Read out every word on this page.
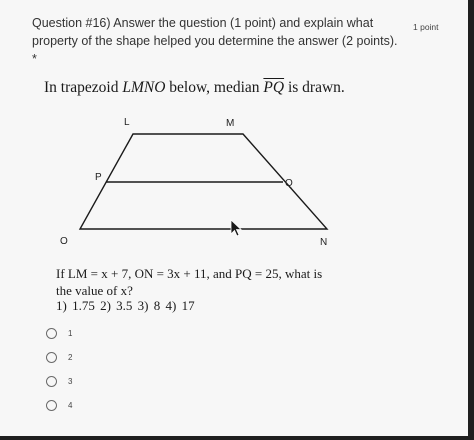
Question #16) Answer the question (1 point) and explain what property of the shape helped you determine the answer (2 points). *
1 point
In trapezoid LMNO below, median $\overline{PQ}$ is drawn.
L	M
P
Q
O	N
If LM = x + 7, ON = 3x + 11, and PQ = 25, what is
the value of x?
1) 1.75 2) 3.5 3) 8 4) 17
1
2
3
4
